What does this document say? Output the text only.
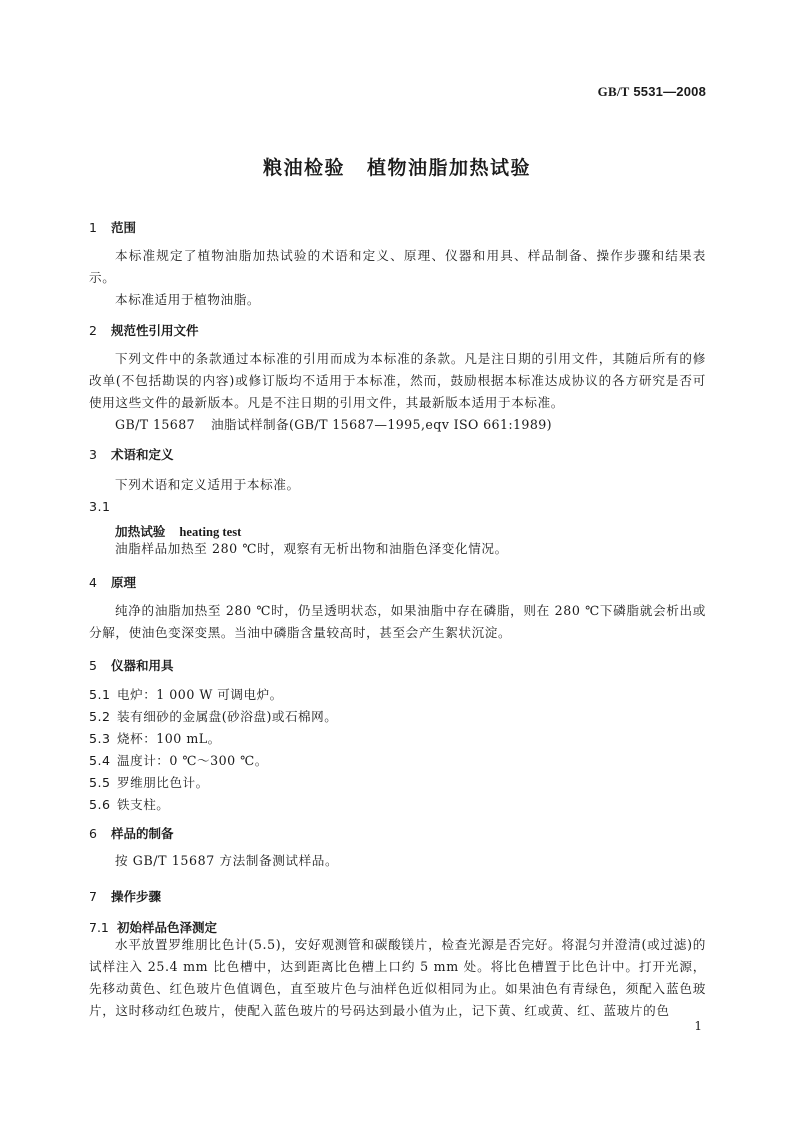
GB/T 5531—2008
粮油检验 植物油脂加热试验
1 范围
本标准规定了植物油脂加热试验的术语和定义、原理、仪器和用具、样品制备、操作步骤和结果表示。
本标准适用于植物油脂。
2 规范性引用文件
下列文件中的条款通过本标准的引用而成为本标准的条款。凡是注日期的引用文件，其随后所有的修改单(不包括勘误的内容)或修订版均不适用于本标准，然而，鼓励根据本标准达成协议的各方研究是否可使用这些文件的最新版本。凡是不注日期的引用文件，其最新版本适用于本标准。
GB/T 15687 油脂试样制备(GB/T 15687—1995,eqv ISO 661:1989)
3 术语和定义
下列术语和定义适用于本标准。
3.1
加热试验 heating test
油脂样品加热至 280 ℃时，观察有无析出物和油脂色泽变化情况。
4 原理
纯净的油脂加热至 280 ℃时，仍呈透明状态，如果油脂中存在磷脂，则在 280 ℃下磷脂就会析出或分解，使油色变深变黑。当油中磷脂含量较高时，甚至会产生絮状沉淀。
5 仪器和用具
5.1 电炉：1 000 W 可调电炉。
5.2 装有细砂的金属盘(砂浴盘)或石棉网。
5.3 烧杯：100 mL。
5.4 温度计：0 ℃～300 ℃。
5.5 罗维朋比色计。
5.6 铁支柱。
6 样品的制备
按 GB/T 15687 方法制备测试样品。
7 操作步骤
7.1 初始样品色泽测定
水平放置罗维朋比色计(5.5)，安好观测管和碳酸镁片，检查光源是否完好。将混匀并澄清(或过滤)的试样注入 25.4 mm 比色槽中，达到距离比色槽上口约 5 mm 处。将比色槽置于比色计中。打开光源，先移动黄色、红色玻片色值调色，直至玻片色与油样色近似相同为止。如果油色有青绿色，须配入蓝色玻片，这时移动红色玻片，使配入蓝色玻片的号码达到最小值为止，记下黄、红或黄、红、蓝玻片的色
1
